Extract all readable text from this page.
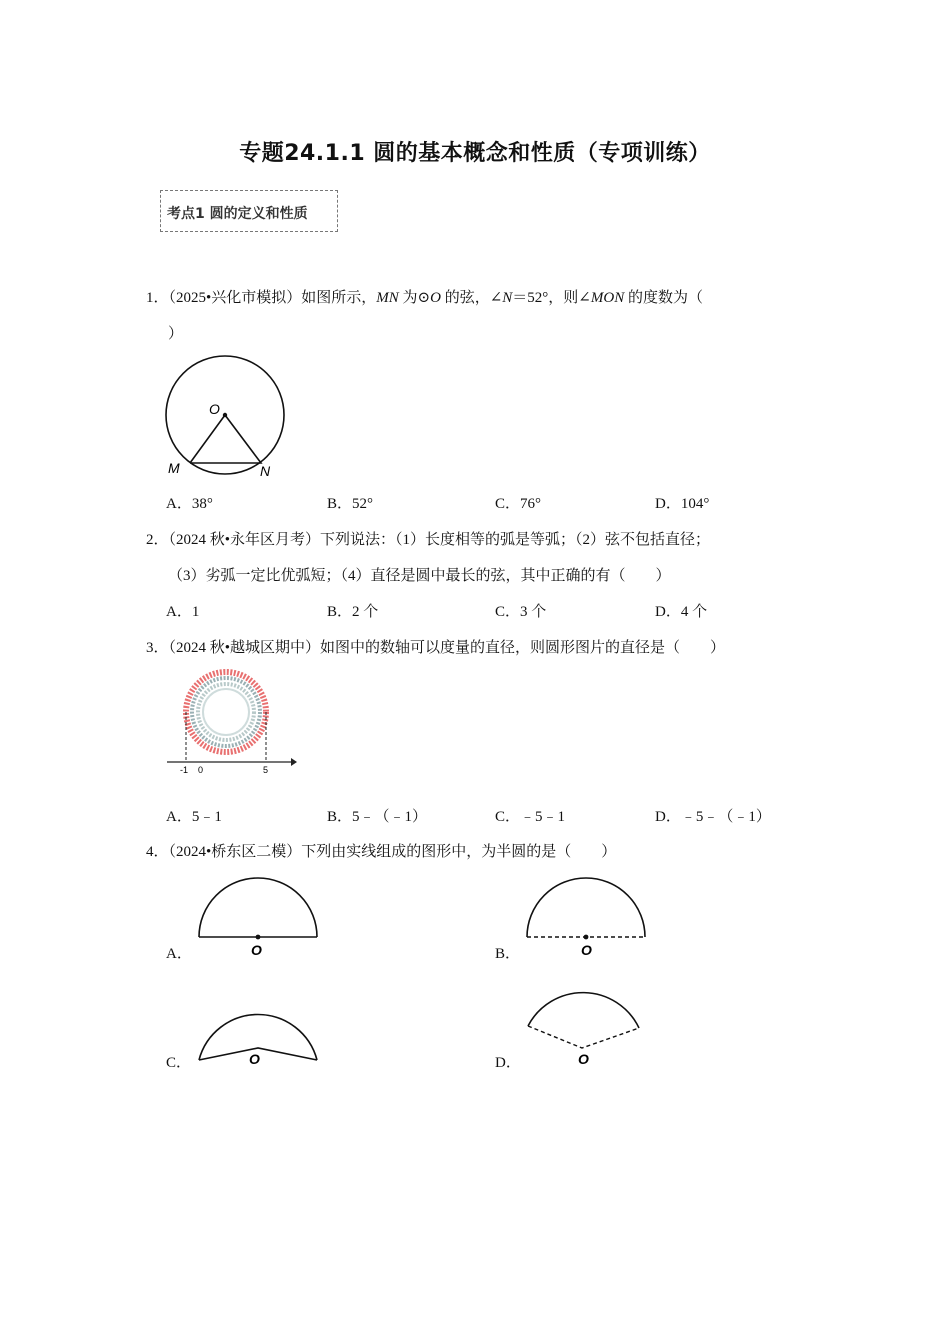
专题24.1.1 圆的基本概念和性质（专项训练）
考点1 圆的定义和性质
1．（2025•兴化市模拟）如图所示，MN 为⊙O 的弦，∠N＝52°，则∠MON 的度数为（
）
O
M	N
A．38°	B．52°	C．76°	D．104°
2．（2024 秋•永年区月考）下列说法：（1）长度相等的弧是等弧；（2）弦不包括直径；
（3）劣弧一定比优弧短；（4）直径是圆中最长的弦，其中正确的有（　　）
A．1	B．2 个	C．3 个	D．4 个
3．（2024 秋•越城区期中）如图中的数轴可以度量的直径，则圆形图片的直径是（　　）
-1 0	5
A．5﹣1	B．5﹣（﹣1）	C．﹣5﹣1	D．﹣5﹣（﹣1）
4．（2024•桥东区二模）下列由实线组成的图形中，为半圆的是（　　）
O
A．	O
B．
O
C．	O
D．
